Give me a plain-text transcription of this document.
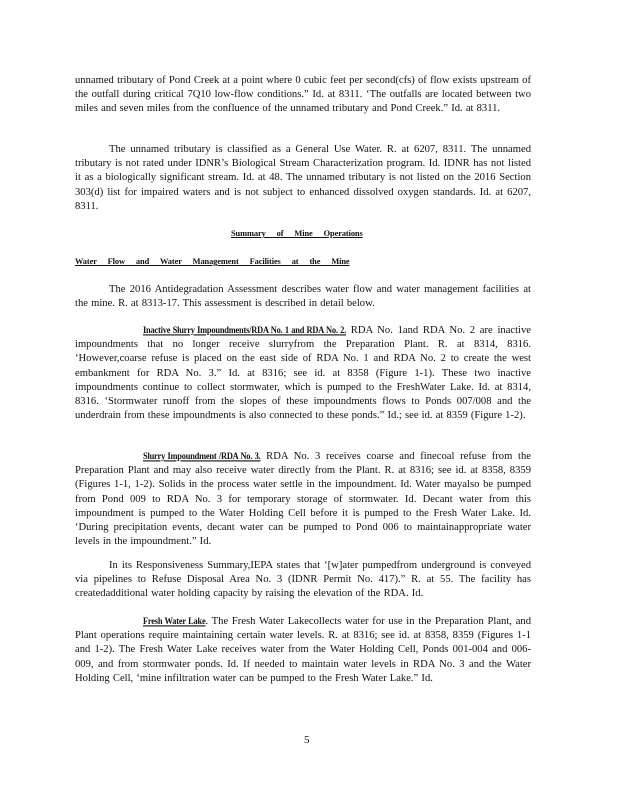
unnamed tributary of Pond Creek at a point where 0 cubic feet per second(cfs) of flow exists upstream of the outfall during critical 7Q10 low-flow conditions.” Id. at 8311. ‘The outfalls are located between two miles and seven miles from the confluence of the unnamed tributary and Pond Creek.” Id. at 8311.

The unnamed tributary is classified as a General Use Water. R. at 6207, 8311. The unnamed tributary is not rated under IDNR’s Biological Stream Characterization program. Id. IDNR has not listed it as a biologically significant stream. Id. at 48. The unnamed tributary is not listed on the 2016 Section 303(d) list for impaired waters and is not subject to enhanced dissolved oxygen standards. Id. at 6207, 8311.

Summary of Mine Operations
Water Flow and Water Management Facilities at the Mine

The 2016 Antidegradation Assessment describes water flow and water management facilities at the mine. R. at 8313-17. This assessment is described in detail below.

Inactive Slurry Impoundments/RDA No. 1 and RDA No. 2. RDA No. 1and RDA No. 2 are inactive impoundments that no longer receive slurryfrom the Preparation Plant. R. at 8314, 8316. ‘However,coarse refuse is placed on the east side of RDA No. 1 and RDA No. 2 to create the west embankment for RDA No. 3.” Id. at 8316; see id. at 8358 (Figure 1-1). These two inactive impoundments continue to collect stormwater, which is pumped to the FreshWater Lake. Id. at 8314, 8316. ‘Stormwater runoff from the slopes of these impoundments flows to Ponds 007/008 and the underdrain from these impoundments is also connected to these ponds.” Id.; see id. at 8359 (Figure 1-2).

Slurry Impoundment /RDA No. 3. RDA No. 3 receives coarse and finecoal refuse from the Preparation Plant and may also receive water directly from the Plant. R. at 8316; see id. at 8358, 8359 (Figures 1-1, 1-2). Solids in the process water settle in the impoundment. Id. Water mayalso be pumped from Pond 009 to RDA No. 3 for temporary storage of stormwater. Id. Decant water from this impoundment is pumped to the Water Holding Cell before it is pumped to the Fresh Water Lake. Id. ‘During precipitation events, decant water can be pumped to Pond 006 to maintainappropriate water levels in the impoundment.” Id.

In its Responsiveness Summary,IEPA states that ‘[w]ater pumpedfrom underground is conveyed via pipelines to Refuse Disposal Area No. 3 (IDNR Permit No. 417).” R. at 55. The facility has createdadditional water holding capacity by raising the elevation of the RDA. Id.

Fresh Water Lake. The Fresh Water Lakecollects water for use in the Preparation Plant, and Plant operations require maintaining certain water levels. R. at 8316; see id. at 8358, 8359 (Figures 1-1 and 1-2). The Fresh Water Lake receives water from the Water Holding Cell, Ponds 001-004 and 006-009, and from stormwater ponds. Id. If needed to maintain water levels in RDA No. 3 and the Water Holding Cell, ‘mine infiltration water can be pumped to the Fresh Water Lake.” Id.

5
